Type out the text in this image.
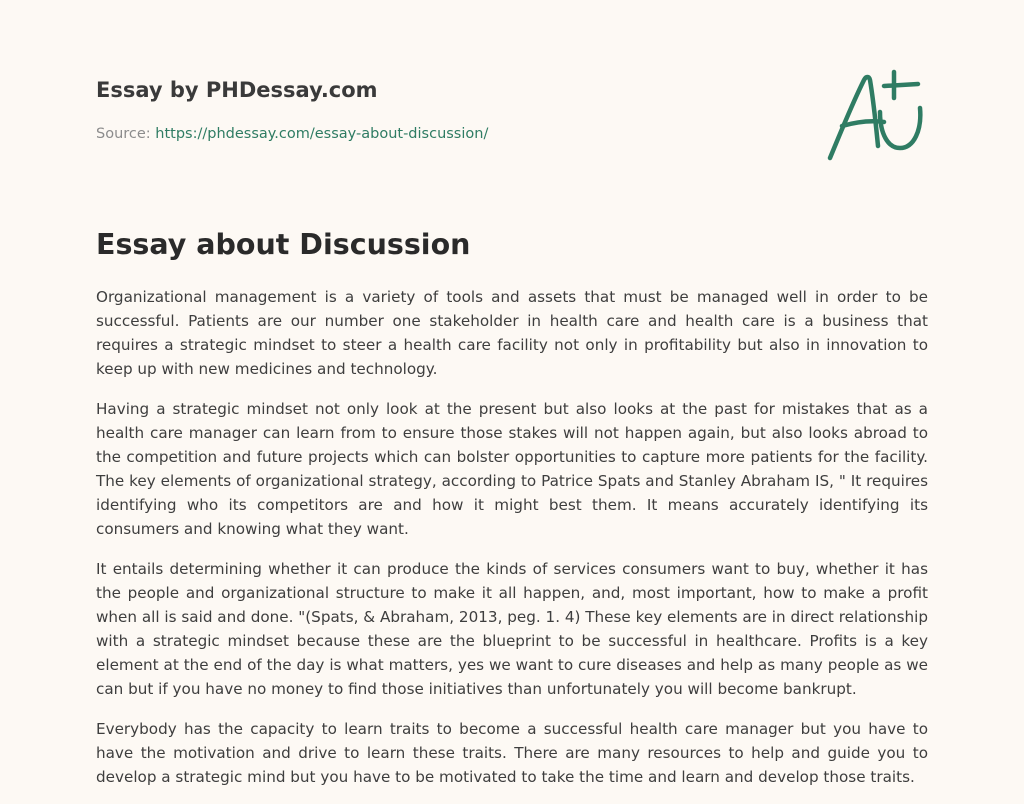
Essay by PHDessay.com
Source: https://phdessay.com/essay-about-discussion/
Essay about Discussion

Organizational management is a variety of tools and assets that must be managed well in order to be successful. Patients are our number one stakeholder in health care and health care is a business that requires a strategic mindset to steer a health care facility not only in profitability but also in innovation to keep up with new medicines and technology.

Having a strategic mindset not only look at the present but also looks at the past for mistakes that as a health care manager can learn from to ensure those stakes will not happen again, but also looks abroad to the competition and future projects which can bolster opportunities to capture more patients for the facility. The key elements of organizational strategy, according to Patrice Spats and Stanley Abraham IS, " It requires identifying who its competitors are and how it might best them. It means accurately identifying its consumers and knowing what they want.

It entails determining whether it can produce the kinds of services consumers want to buy, whether it has the people and organizational structure to make it all happen, and, most important, how to make a profit when all is said and done. "(Spats, & Abraham, 2013, peg. 1. 4) These key elements are in direct relationship with a strategic mindset because these are the blueprint to be successful in healthcare. Profits is a key element at the end of the day is what matters, yes we want to cure diseases and help as many people as we can but if you have no money to find those initiatives than unfortunately you will become bankrupt.

Everybody has the capacity to learn traits to become a successful health care manager but you have to have the motivation and drive to learn these traits. There are many resources to help and guide you to develop a strategic mind but you have to be motivated to take the time and learn and develop those traits.
